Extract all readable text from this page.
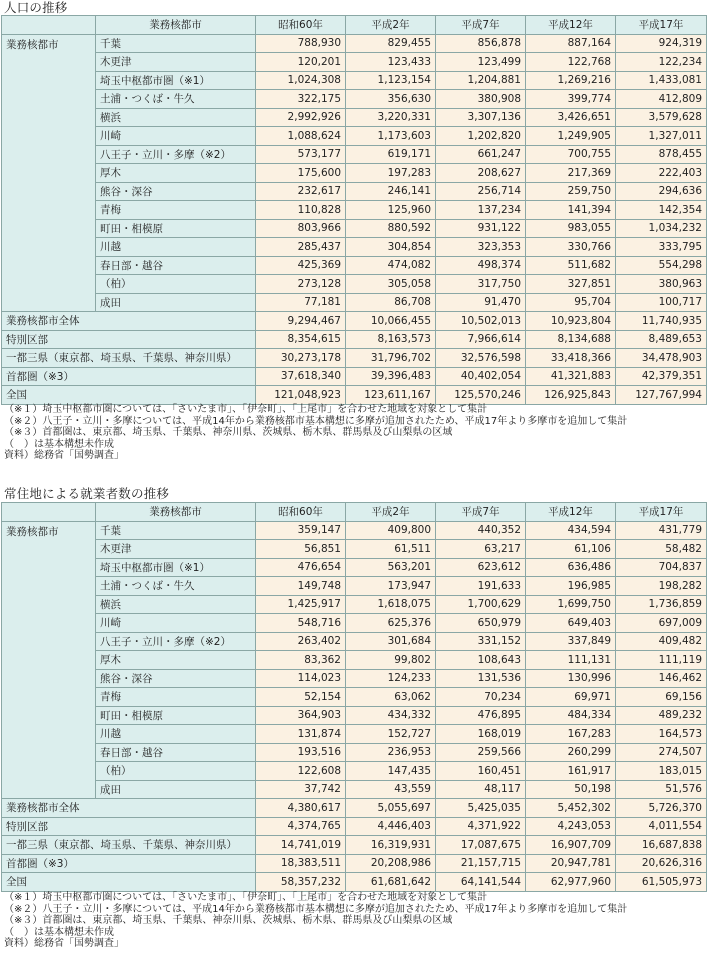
人口の推移
	業務核都市	昭和60年	平成2年	平成7年	平成12年	平成17年
業務核都市	千葉	788,930	829,455	856,878	887,164	924,319
	木更津	120,201	123,433	123,499	122,768	122,234
	埼玉中枢都市圏（※1）	1,024,308	1,123,154	1,204,881	1,269,216	1,433,081
	土浦・つくば・牛久	322,175	356,630	380,908	399,774	412,809
	横浜	2,992,926	3,220,331	3,307,136	3,426,651	3,579,628
	川崎	1,088,624	1,173,603	1,202,820	1,249,905	1,327,011
	八王子・立川・多摩（※2）	573,177	619,171	661,247	700,755	878,455
	厚木	175,600	197,283	208,627	217,369	222,403
	熊谷・深谷	232,617	246,141	256,714	259,750	294,636
	青梅	110,828	125,960	137,234	141,394	142,354
	町田・相模原	803,966	880,592	931,122	983,055	1,034,232
	川越	285,437	304,854	323,353	330,766	333,795
	春日部・越谷	425,369	474,082	498,374	511,682	554,298
	（柏）	273,128	305,058	317,750	327,851	380,963
	成田	77,181	86,708	91,470	95,704	100,717
業務核都市全体		9,294,467	10,066,455	10,502,013	10,923,804	11,740,935
特別区部		8,354,615	8,163,573	7,966,614	8,134,688	8,489,653
一都三県（東京都、埼玉県、千葉県、神奈川県）		30,273,178	31,796,702	32,576,598	33,418,366	34,478,903
首都圏（※3）		37,618,340	39,396,483	40,402,054	41,321,883	42,379,351
全国		121,048,923	123,611,167	125,570,246	126,925,843	127,767,994
（※１）埼玉中枢都市圏については、「さいたま市」、「伊奈町」、「上尾市」を合わせた地域を対象として集計
（※２）八王子・立川・多摩については、平成14年から業務核都市基本構想に多摩が追加されたため、平成17年より多摩市を追加して集計
（※３）首都圏は、東京都、埼玉県、千葉県、神奈川県、茨城県、栃木県、群馬県及び山梨県の区域
（　）は基本構想未作成
資料）総務省「国勢調査」
常住地による就業者数の推移
	業務核都市	昭和60年	平成2年	平成7年	平成12年	平成17年
業務核都市	千葉	359,147	409,800	440,352	434,594	431,779
	木更津	56,851	61,511	63,217	61,106	58,482
	埼玉中枢都市圏（※1）	476,654	563,201	623,612	636,486	704,837
	土浦・つくば・牛久	149,748	173,947	191,633	196,985	198,282
	横浜	1,425,917	1,618,075	1,700,629	1,699,750	1,736,859
	川崎	548,716	625,376	650,979	649,403	697,009
	八王子・立川・多摩（※2）	263,402	301,684	331,152	337,849	409,482
	厚木	83,362	99,802	108,643	111,131	111,119
	熊谷・深谷	114,023	124,233	131,536	130,996	146,462
	青梅	52,154	63,062	70,234	69,971	69,156
	町田・相模原	364,903	434,332	476,895	484,334	489,232
	川越	131,874	152,727	168,019	167,283	164,573
	春日部・越谷	193,516	236,953	259,566	260,299	274,507
	（柏）	122,608	147,435	160,451	161,917	183,015
	成田	37,742	43,559	48,117	50,198	51,576
業務核都市全体		4,380,617	5,055,697	5,425,035	5,452,302	5,726,370
特別区部		4,374,765	4,446,403	4,371,922	4,243,053	4,011,554
一都三県（東京都、埼玉県、千葉県、神奈川県）		14,741,019	16,319,931	17,087,675	16,907,709	16,687,838
首都圏（※3）		18,383,511	20,208,986	21,157,715	20,947,781	20,626,316
全国		58,357,232	61,681,642	64,141,544	62,977,960	61,505,973
（※１）埼玉中枢都市圏については、「さいたま市」、「伊奈町」、「上尾市」を合わせた地域を対象として集計
（※２）八王子・立川・多摩については、平成14年から業務核都市基本構想に多摩が追加されたため、平成17年より多摩市を追加して集計
（※３）首都圏は、東京都、埼玉県、千葉県、神奈川県、茨城県、栃木県、群馬県及び山梨県の区域
（　）は基本構想未作成
資料）総務省「国勢調査」
